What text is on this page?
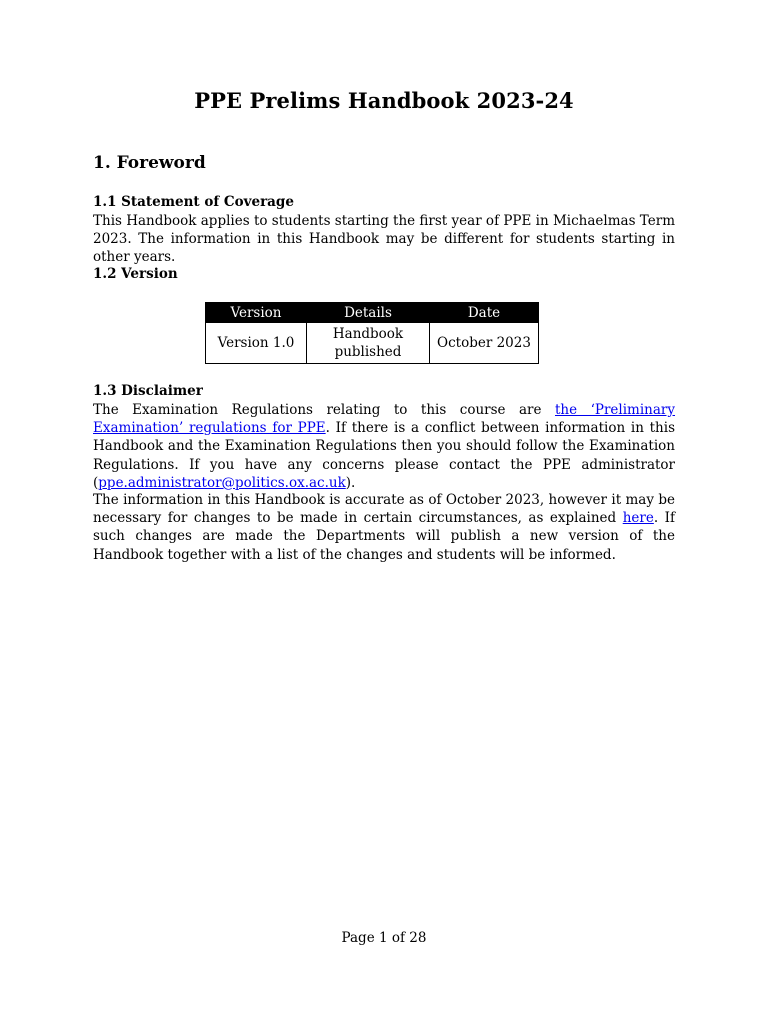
PPE Prelims Handbook 2023-24
1. Foreword
1.1 Statement of Coverage
This Handbook applies to students starting the first year of PPE in Michaelmas Term 2023. The information in this Handbook may be different for students starting in other years.
1.2 Version
Version	Details	Date
Version 1.0	Handbook published	October 2023
1.3 Disclaimer
The Examination Regulations relating to this course are the ‘Preliminary Examination’ regulations for PPE. If there is a conflict between information in this Handbook and the Examination Regulations then you should follow the Examination Regulations. If you have any concerns please contact the PPE administrator (ppe.administrator@politics.ox.ac.uk).
The information in this Handbook is accurate as of October 2023, however it may be necessary for changes to be made in certain circumstances, as explained here. If such changes are made the Departments will publish a new version of the Handbook together with a list of the changes and students will be informed.
Page 1 of 28
